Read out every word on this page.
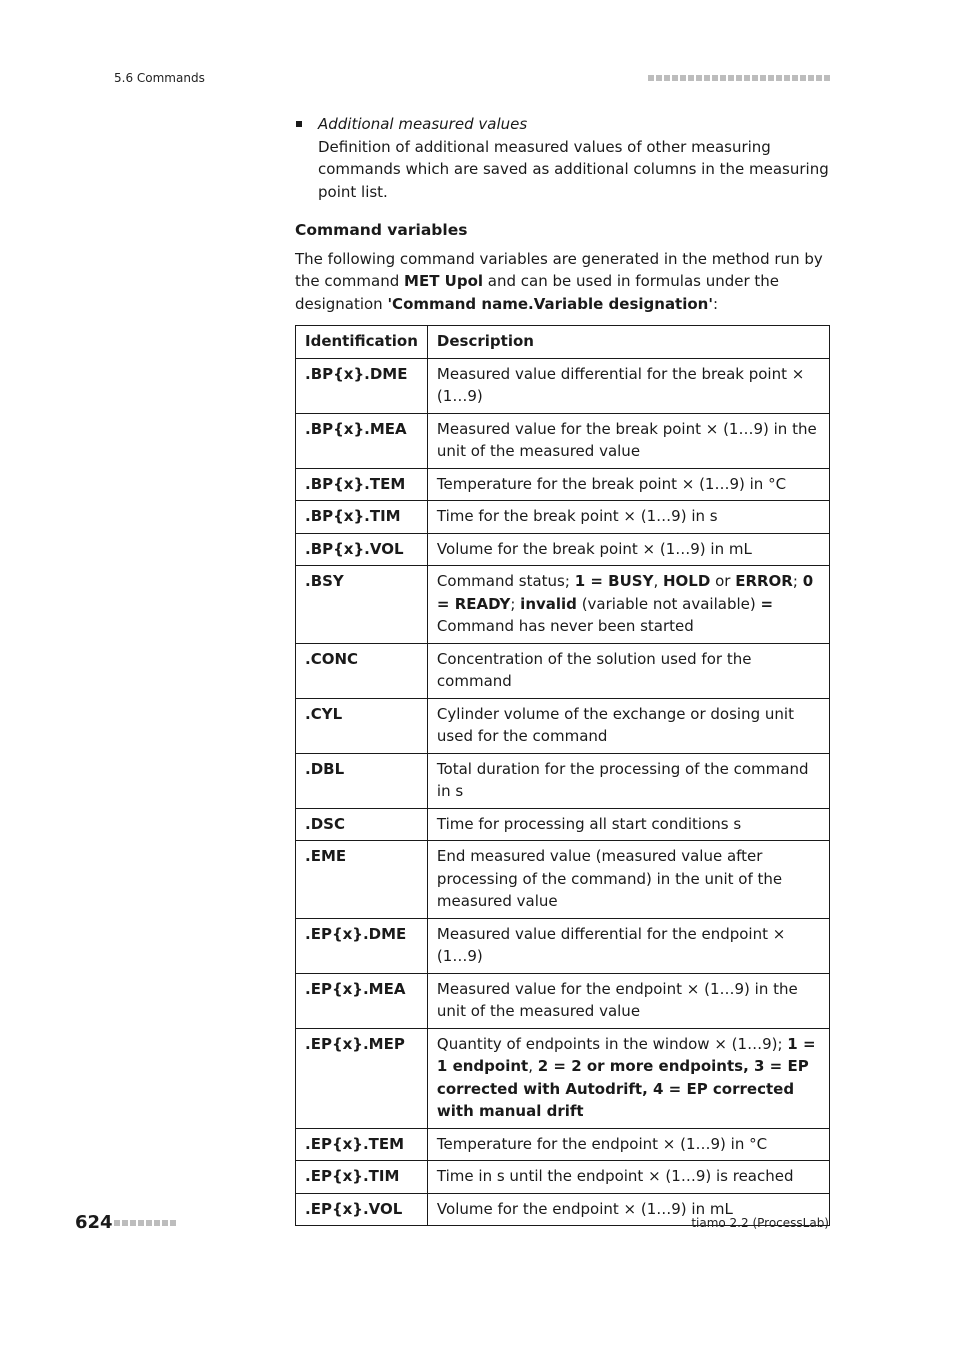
5.6 Commands
Additional measured values
Definition of additional measured values of other measuring commands which are saved as additional columns in the measuring point list.
Command variables

The following command variables are generated in the method run by the command MET Upol and can be used in formulas under the designation 'Command name.Variable designation':

Identification	Description
.BP{x}.DME	Measured value differential for the break point × (1…9)
.BP{x}.MEA	Measured value for the break point × (1…9) in the unit of the measured value
.BP{x}.TEM	Temperature for the break point × (1…9) in °C
.BP{x}.TIM	Time for the break point × (1…9) in s
.BP{x}.VOL	Volume for the break point × (1…9) in mL
.BSY	Command status; 1 = BUSY, HOLD or ERROR; 0 = READY; invalid (variable not available) = Command has never been started
.CONC	Concentration of the solution used for the command
.CYL	Cylinder volume of the exchange or dosing unit used for the command
.DBL	Total duration for the processing of the command in s
.DSC	Time for processing all start conditions s
.EME	End measured value (measured value after processing of the command) in the unit of the measured value
.EP{x}.DME	Measured value differential for the endpoint × (1…9)
.EP{x}.MEA	Measured value for the endpoint × (1…9) in the unit of the measured value
.EP{x}.MEP	Quantity of endpoints in the window × (1…9); 1 = 1 endpoint, 2 = 2 or more endpoints, 3 = EP corrected with Autodrift, 4 = EP corrected with manual drift
.EP{x}.TEM	Temperature for the endpoint × (1…9) in °C
.EP{x}.TIM	Time in s until the endpoint × (1…9) is reached
.EP{x}.VOL	Volume for the endpoint × (1…9) in mL
624	tiamo 2.2 (ProcessLab)
